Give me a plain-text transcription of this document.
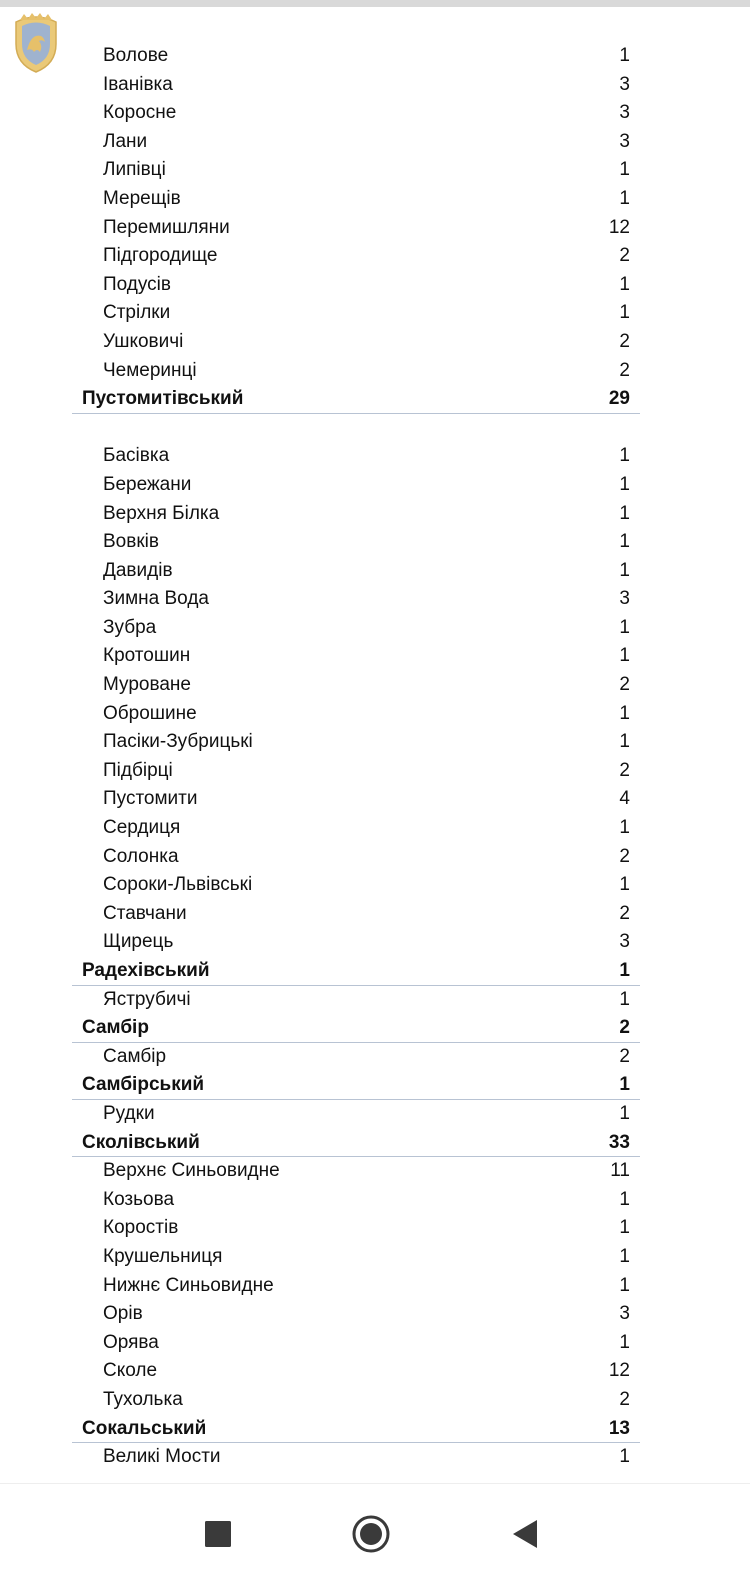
Волове	1
Іванівка	3
Коросне	3
Лани	3
Липівці	1
Мерещів	1
Перемишляни	12
Підгородище	2
Подусів	1
Стрілки	1
Ушковичі	2
Чемеринці	2
Пустомитівський	29
Басівка	1
Бережани	1
Верхня Білка	1
Вовків	1
Давидів	1
Зимна Вода	3
Зубра	1
Кротошин	1
Муроване	2
Оброшине	1
Пасіки-Зубрицькі	1
Підбірці	2
Пустомити	4
Сердиця	1
Солонка	2
Сороки-Львівські	1
Ставчани	2
Щирець	3
Радехівський	1
Яструбичі	1
Самбір	2
Самбір	2
Самбірський	1
Рудки	1
Сколівський	33
Верхнє Синьовидне	11
Козьова	1
Коростів	1
Крушельниця	1
Нижнє Синьовидне	1
Орів	3
Орява	1
Сколе	12
Тухолька	2
Сокальський	13
Великі Мости	1
